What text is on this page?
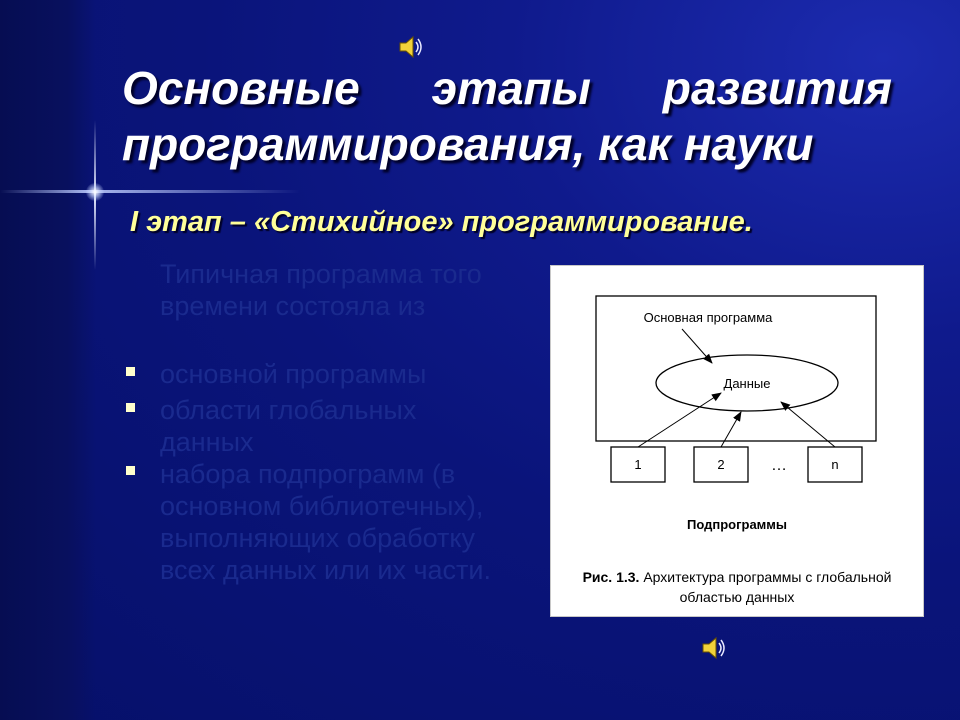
Основные этапы развития
программирования, как науки
I этап – «Стихийное» программирование.
Типичная программа того времени состояла из
основной программы
области глобальных данных
набора подпрограмм (в основном библиотечных), выполняющих обработку всех данных или их части.
Основная программа
Данные
1	2	…	n
Подпрограммы
Рис. 1.3. Архитектура программы с глобальной областью данных
